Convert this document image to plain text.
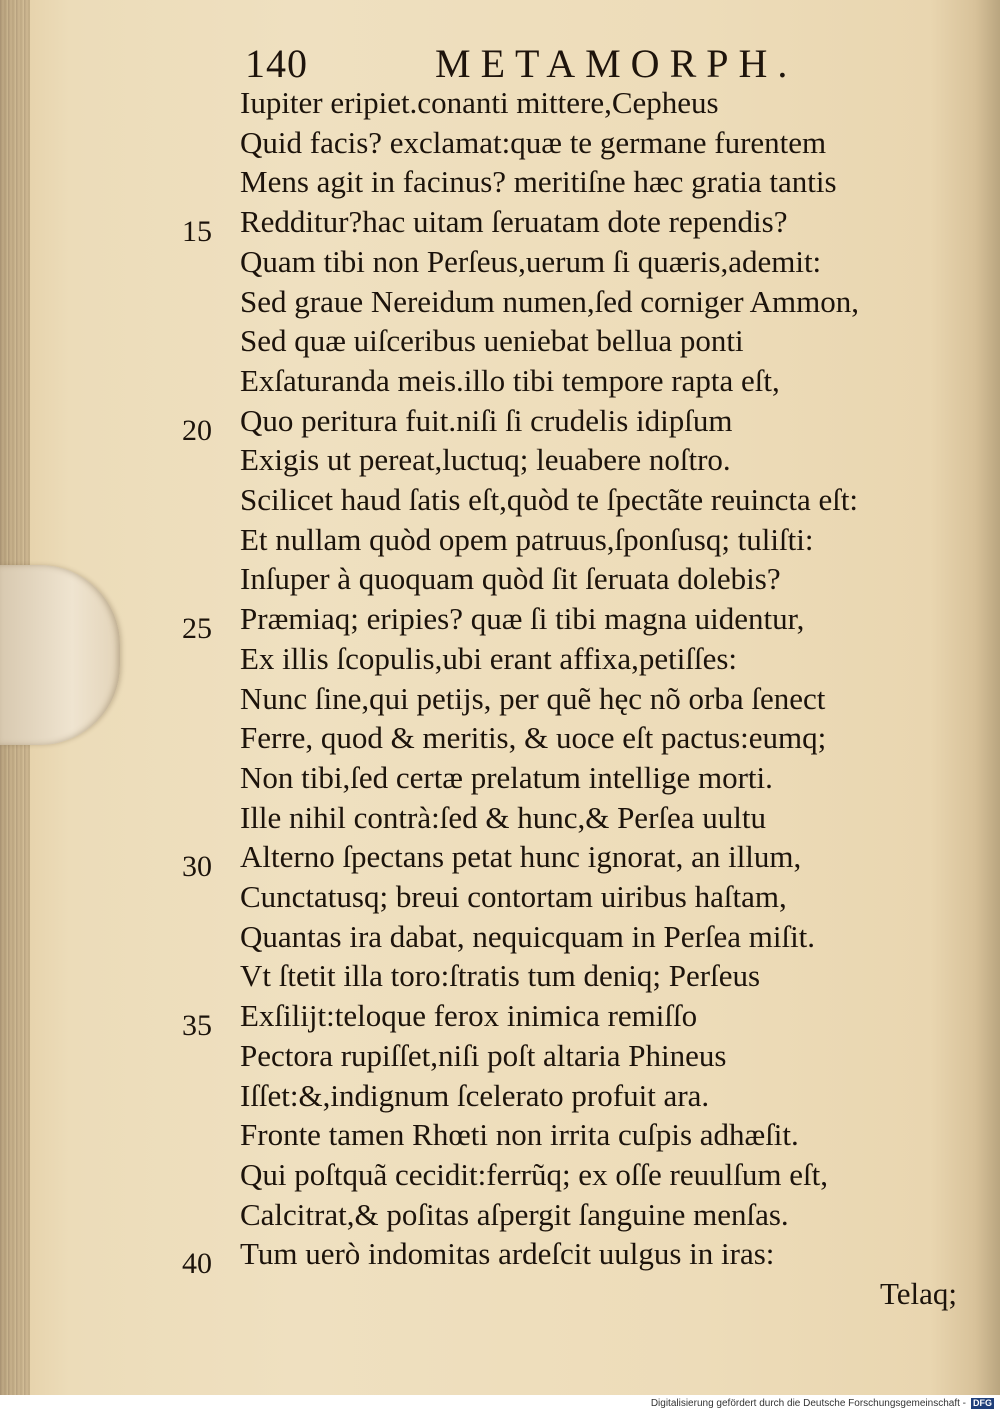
140	METAMORPH.
Iupiter eripiet.conanti mittere,Cepheus
Quid facis? exclamat:quæ te germane furentem
Mens agit in facinus? meritiſne hæc gratia tantis
Redditur?hac uitam ſeruatam dote rependis?
15
Quam tibi non Perſeus,uerum ſi quæris,ademit:
Sed graue Nereidum numen,ſed corniger Ammon,
Sed quæ uiſceribus ueniebat bellua ponti
Exſaturanda meis.illo tibi tempore rapta eſt,
Quo peritura fuit.niſi ſi crudelis idipſum
20
Exigis ut pereat,luctuq; leuabere noſtro.
Scilicet haud ſatis eſt,quòd te ſpectãte reuincta eſt:
Et nullam quòd opem patruus,ſponſusq; tuliſti:
Inſuper à quoquam quòd ſit ſeruata dolebis?
Præmiaq; eripies? quæ ſi tibi magna uidentur,
25
Ex illis ſcopulis,ubi erant affixa,petiſſes:
Nunc ſine,qui petijs, per quẽ hęc nõ orba ſenect
Ferre, quod & meritis, & uoce eſt pactus:eumq;
Non tibi,ſed certæ prelatum intellige morti.
Ille nihil contrà:ſed & hunc,& Perſea uultu
Alterno ſpectans petat hunc ignorat, an illum,
30
Cunctatusq; breui contortam uiribus haſtam,
Quantas ira dabat, nequicquam in Perſea miſit.
Vt ſtetit illa toro:ſtratis tum deniq; Perſeus
Exſilijt:teloque ferox inimica remiſſo
35
Pectora rupiſſet,niſi poſt altaria Phineus
Iſſet:&,indignum ſcelerato profuit ara.
Fronte tamen Rhœti non irrita cuſpis adhæſit.
Qui poſtquã cecidit:ferrũq; ex oſſe reuulſum eſt,
Calcitrat,& poſitas aſpergit ſanguine menſas.
Tum uerò indomitas ardeſcit uulgus in iras:
40
Telaq;
Digitalisierung gefördert durch die Deutsche Forschungsgemeinschaft - DFG
